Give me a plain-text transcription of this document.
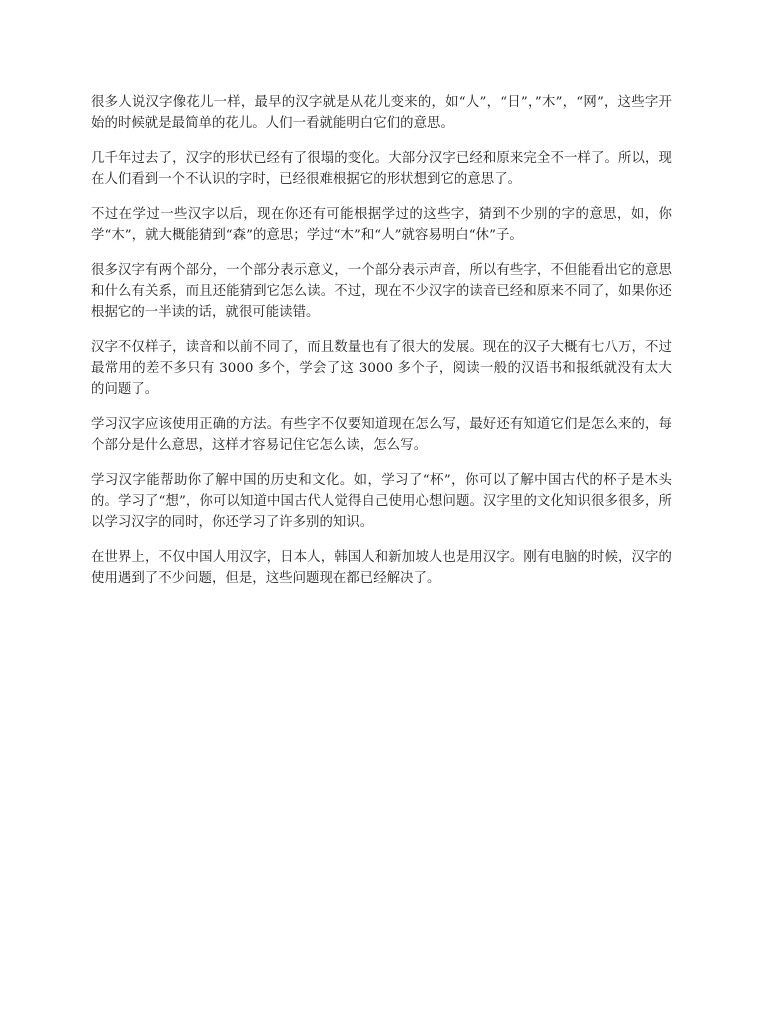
很多人说汉字像花儿一样，最早的汉字就是从花儿变来的，如“人”，“日”，”木”，“网”，这些字开始的时候就是最简单的花儿。人们一看就能明白它们的意思。

几千年过去了，汉字的形状已经有了很塌的变化。大部分汉字已经和原来完全不一样了。所以，现在人们看到一个不认识的字时，已经很难根据它的形状想到它的意思了。

不过在学过一些汉字以后，现在你还有可能根据学过的这些字，猜到不少别的字的意思，如，你学“木”，就大概能猜到“森”的意思；学过“木”和“人”就容易明白“休”子。

很多汉字有两个部分，一个部分表示意义，一个部分表示声音，所以有些字，不但能看出它的意思和什么有关系，而且还能猜到它怎么读。不过，现在不少汉字的读音已经和原来不同了，如果你还根据它的一半读的话，就很可能读错。

汉字不仅样子，读音和以前不同了，而且数量也有了很大的发展。现在的汉子大概有七八万，不过最常用的差不多只有 3000 多个，学会了这 3000 多个子，阅读一般的汉语书和报纸就没有太大的问题了。

学习汉字应该使用正确的方法。有些字不仅要知道现在怎么写，最好还有知道它们是怎么来的，每个部分是什么意思，这样才容易记住它怎么读，怎么写。

学习汉字能帮助你了解中国的历史和文化。如，学习了“杯”，你可以了解中国古代的杯子是木头的。学习了“想”，你可以知道中国古代人觉得自己使用心想问题。汉字里的文化知识很多很多，所以学习汉字的同时，你还学习了许多别的知识。

在世界上，不仅中国人用汉字，日本人，韩国人和新加坡人也是用汉字。刚有电脑的时候，汉字的使用遇到了不少问题，但是，这些问题现在都已经解决了。
